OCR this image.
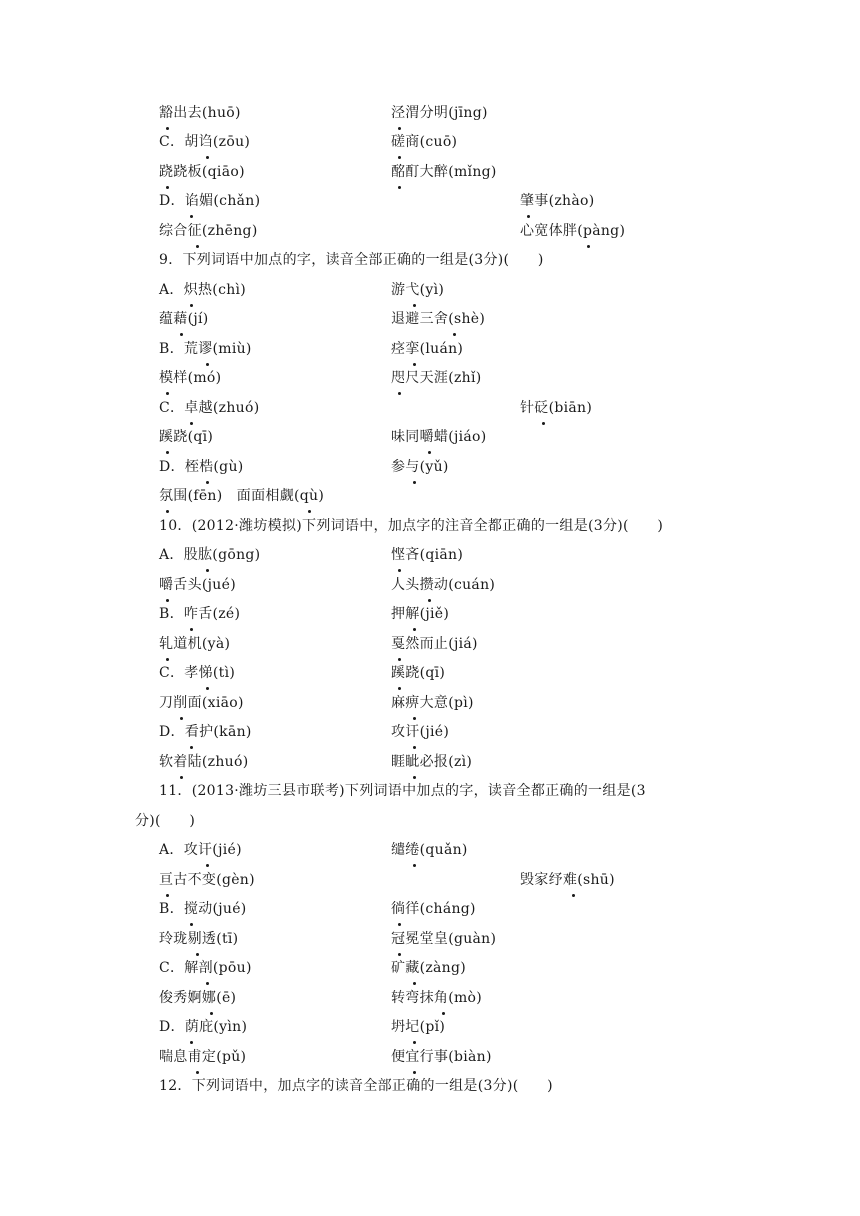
豁出去(huō)	泾渭分明(jīng)
C．胡诌(zōu)	磋商(cuō)
跷跷板(qiāo)	酩酊大醉(mǐng)
D．谄媚(chǎn)	肇事(zhào)
综合征(zhēng)	心宽体胖(pàng)
9．下列词语中加点的字，读音全部正确的一组是(3分)(　　)
A．炽热(chì)	游弋(yì)
蕴藉(jí)	退避三舍(shè)
B．荒谬(miù)	痉挛(luán)
模样(mó)	咫尺天涯(zhǐ)
C．卓越(zhuó)	针砭(biān)
蹊跷(qī)	味同嚼蜡(jiáo)
D．桎梏(gù)	参与(yǔ)
氛围(fēn)　面面相觑(qù)
10．(2012·潍坊模拟)下列词语中，加点字的注音全都正确的一组是(3分)(　　)
A．股肱(gōng)	悭吝(qiān)
嚼舌头(jué)	人头攒动(cuán)
B．咋舌(zé)	押解(jiě)
轧道机(yà)	戛然而止(jiá)
C．孝悌(tì)	蹊跷(qī)
刀削面(xiāo)	麻痹大意(pì)
D．看护(kān)	攻讦(jié)
软着陆(zhuó)	睚眦必报(zì)
11．(2013·潍坊三县市联考)下列词语中加点的字，读音全都正确的一组是(3
分)(　　)
A．攻讦(jié)	缱绻(quǎn)
亘古不变(gèn)	毁家纾难(shū)
B．搅动(jué)	徜徉(cháng)
玲珑剔透(tī)	冠冕堂皇(guàn)
C．解剖(pōu)	矿藏(zàng)
俊秀婀娜(ē)	转弯抹角(mò)
D．荫庇(yìn)	坍圮(pǐ)
喘息甫定(pǔ)	便宜行事(biàn)
12．下列词语中，加点字的读音全部正确的一组是(3分)(　　)
